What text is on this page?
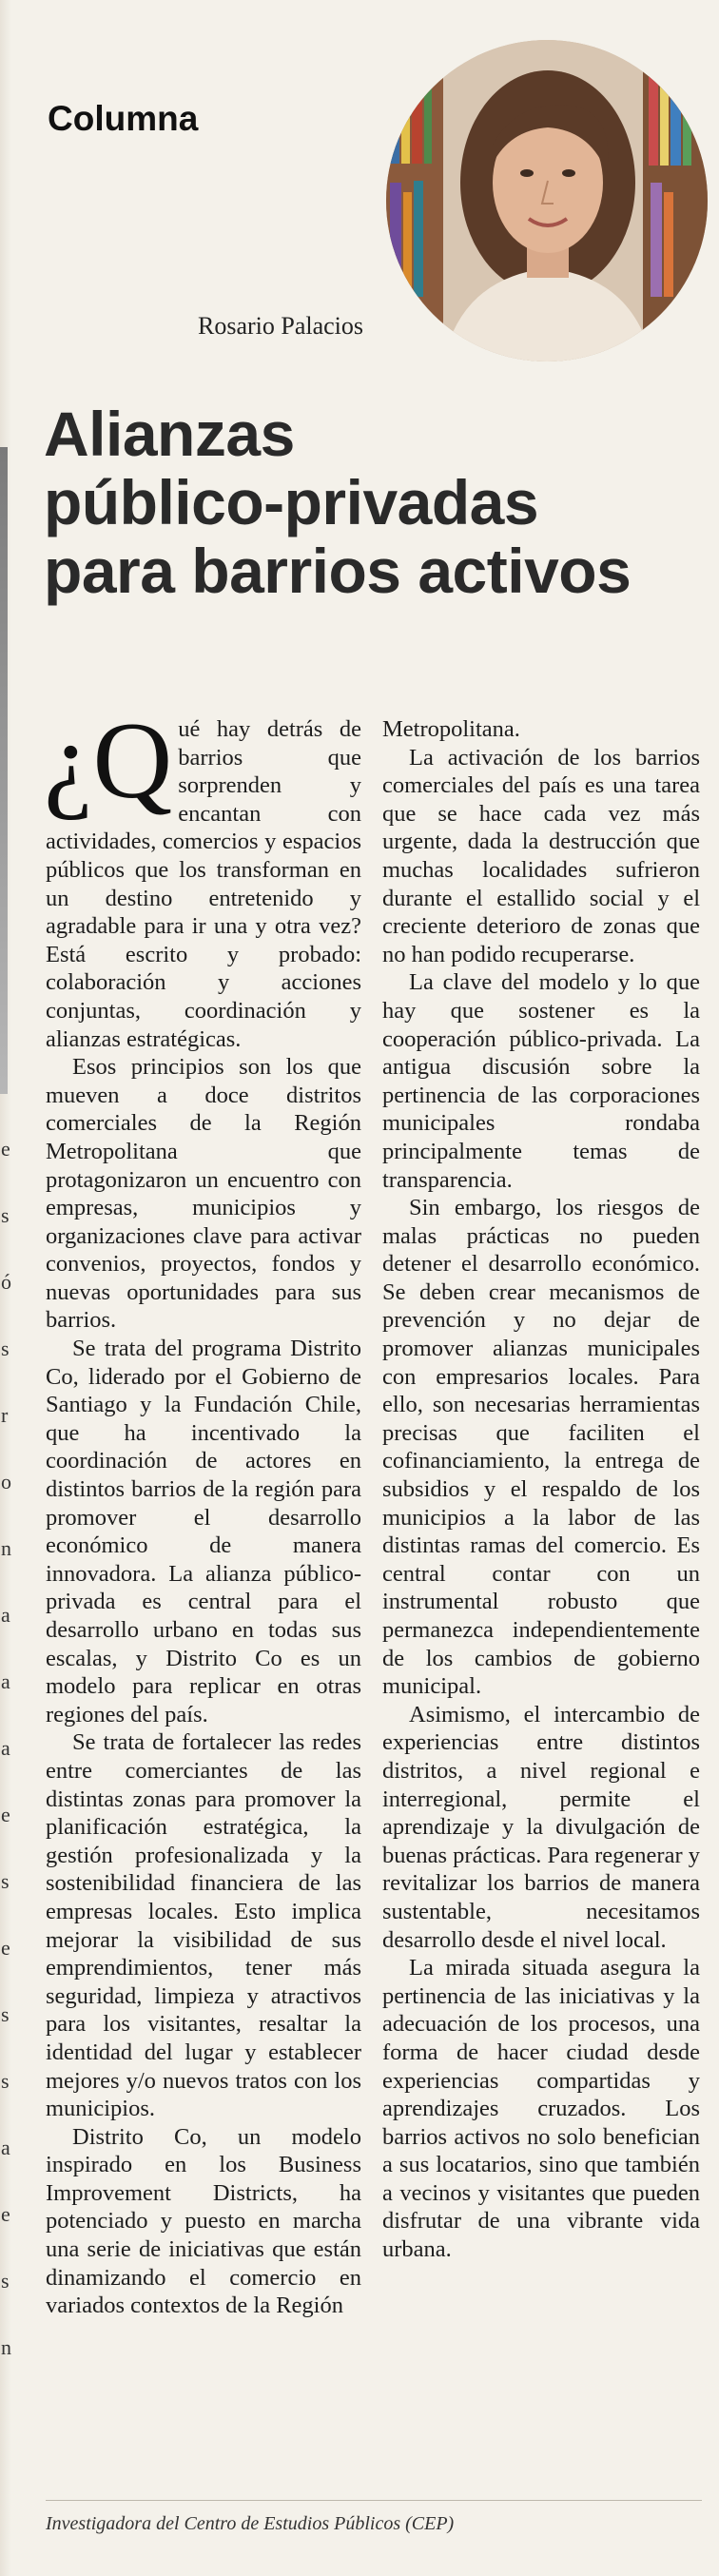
e
s
ó
s
r
o
n
a
a
a
e
s
e
s
s
a
e
s
n
Columna
Rosario Palacios
Alianzas
público-privadas
para barrios activos

¿Q ué hay detrás de barrios que sorprenden y encantan con actividades, comercios y espacios públicos que los transforman en un destino entretenido y agradable para ir una y otra vez? Está escrito y probado: colaboración y acciones conjuntas, coordinación y alianzas estratégicas.

Esos principios son los que mueven a doce distritos comerciales de la Región Metropolitana que protagonizaron un encuentro con empresas, municipios y organizaciones clave para activar convenios, proyectos, fondos y nuevas oportunidades para sus barrios.

Se trata del programa Distrito Co, liderado por el Gobierno de Santiago y la Fundación Chile, que ha incentivado la coordinación de actores en distintos barrios de la región para promover el desarrollo económico de manera innovadora. La alianza público-privada es central para el desarrollo urbano en todas sus escalas, y Distrito Co es un modelo para replicar en otras regiones del país.

Se trata de fortalecer las redes entre comerciantes de las distintas zonas para promover la planificación estratégica, la gestión profesionalizada y la sostenibilidad financiera de las empresas locales. Esto implica mejorar la visibilidad de sus emprendimientos, tener más seguridad, limpieza y atractivos para los visitantes, resaltar la identidad del lugar y establecer mejores y/o nuevos tratos con los municipios.

Distrito Co, un modelo inspirado en los Business Improvement Districts, ha potenciado y puesto en marcha una serie de iniciativas que están dinamizando el comercio en variados contextos de la Región

Metropolitana.

La activación de los barrios comerciales del país es una tarea que se hace cada vez más urgente, dada la destrucción que muchas localidades sufrieron durante el estallido social y el creciente deterioro de zonas que no han podido recuperarse.

La clave del modelo y lo que hay que sostener es la cooperación público-privada. La antigua discusión sobre la pertinencia de las corporaciones municipales rondaba principalmente temas de transparencia.

Sin embargo, los riesgos de malas prácticas no pueden detener el desarrollo económico. Se deben crear mecanismos de prevención y no dejar de promover alianzas municipales con empresarios locales. Para ello, son necesarias herramientas precisas que faciliten el cofinanciamiento, la entrega de subsidios y el respaldo de los municipios a la labor de las distintas ramas del comercio. Es central contar con un instrumental robusto que permanezca independientemente de los cambios de gobierno municipal.

Asimismo, el intercambio de experiencias entre distintos distritos, a nivel regional e interregional, permite el aprendizaje y la divulgación de buenas prácticas. Para regenerar y revitalizar los barrios de manera sustentable, necesitamos desarrollo desde el nivel local.

La mirada situada asegura la pertinencia de las iniciativas y la adecuación de los procesos, una forma de hacer ciudad desde experiencias compartidas y aprendizajes cruzados. Los barrios activos no solo benefician a sus locatarios, sino que también a vecinos y visitantes que pueden disfrutar de una vibrante vida urbana.

Investigadora del Centro de Estudios Públicos (CEP)
